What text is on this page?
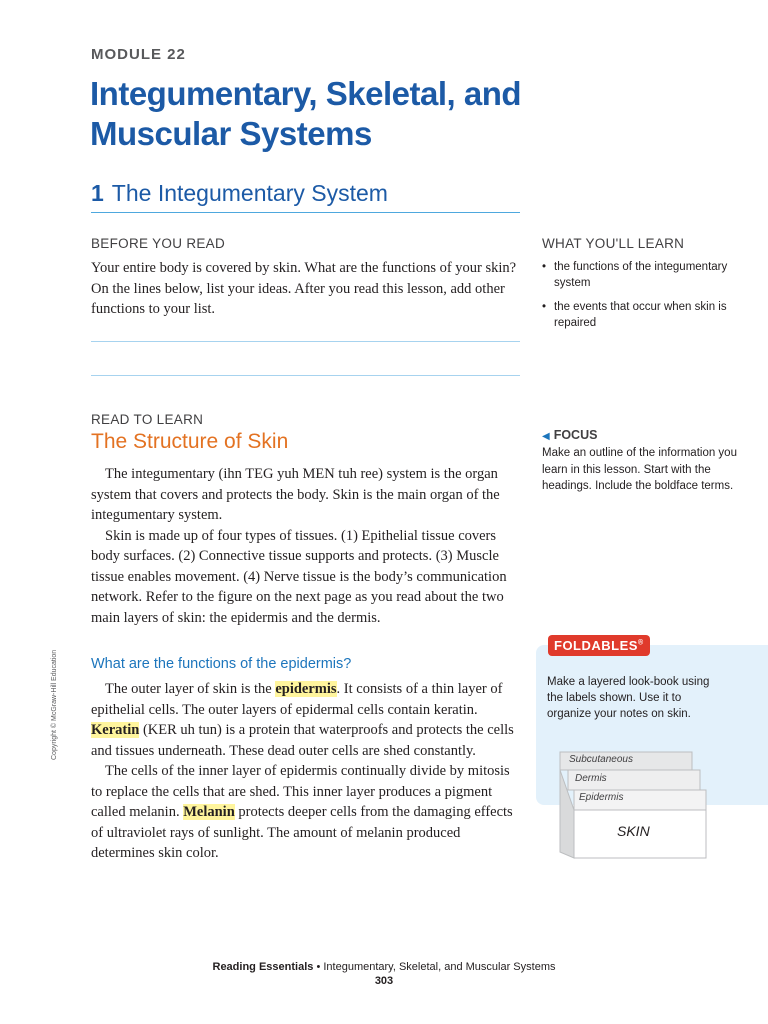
MODULE 22
Integumentary, Skeletal, and Muscular Systems
1 The Integumentary System
BEFORE YOU READ
Your entire body is covered by skin. What are the functions of your skin? On the lines below, list your ideas. After you read this lesson, add other functions to your list.
WHAT YOU'LL LEARN
• the functions of the integumentary system
• the events that occur when skin is repaired
READ TO LEARN
The Structure of Skin

The integumentary (ihn TEG yuh MEN tuh ree) system is the organ system that covers and protects the body. Skin is the main organ of the integumentary system.

Skin is made up of four types of tissues. (1) Epithelial tissue covers body surfaces. (2) Connective tissue supports and protects. (3) Muscle tissue enables movement. (4) Nerve tissue is the body’s communication network. Refer to the figure on the next page as you read about the two main layers of skin: the epidermis and the dermis.

What are the functions of the epidermis?

The outer layer of skin is the epidermis. It consists of a thin layer of epithelial cells. The outer layers of epidermal cells contain keratin. Keratin (KER uh tun) is a protein that waterproofs and protects the cells and tissues underneath. These dead outer cells are shed constantly.

The cells of the inner layer of epidermis continually divide by mitosis to replace the cells that are shed. This inner layer produces a pigment called melanin. Melanin protects deeper cells from the damaging effects of ultraviolet rays of sunlight. The amount of melanin produced determines skin color.

◀ FOCUS
Make an outline of the information you learn in this lesson. Start with the headings. Include the boldface terms.
FOLDABLES®
Make a layered look-book using the labels shown. Use it to organize your notes on skin.
Subcutaneous
Dermis
Epidermis
SKIN
Copyright © McGraw-Hill Education
Reading Essentials • Integumentary, Skeletal, and Muscular Systems
303
